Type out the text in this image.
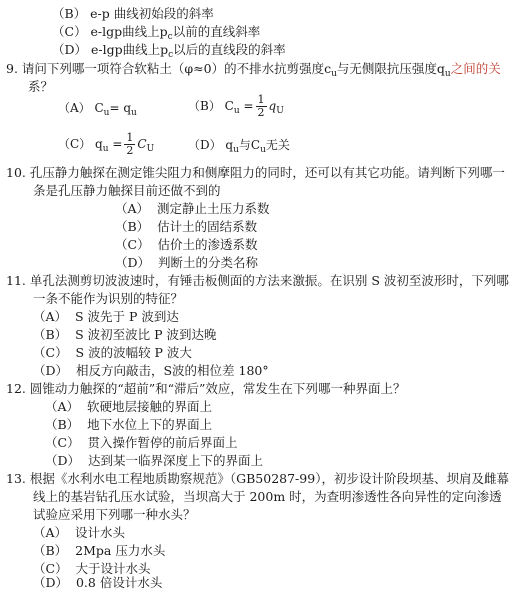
（B） e-p 曲线初始段的斜率
（C） e-lgp曲线上$p_c$以前的直线斜率
（D） e-lgp曲线上$p_c$以后的直线段的斜率
9. 请问下列哪一项符合软粘土（φ≈0）的不排水抗剪强度$c_u$与无侧限抗压强度$q_u$之间的关
系？
（A） $C_u= q_u$	（B） $C_u = \frac{1}{2} q_U$
（C） $q_u = \frac{1}{2} C_U$	（D） $q_u$与$C_u$无关
10. 孔压静力触探在测定锥尖阻力和侧摩阻力的同时，还可以有其它功能。请判断下列哪一
条是孔压静力触探目前还做不到的
（A） 测定静止土压力系数
（B） 估计土的固结系数
（C） 估价土的渗透系数
（D） 判断土的分类名称
11. 单孔法测剪切波波速时，有锤击板侧面的方法来激振。在识别 S 波初至波形时，下列哪
一条不能作为识别的特征？
（A） S 波先于 P 波到达
（B） S 波初至波比 P 波到达晚
（C） S 波的波幅较 P 波大
（D） 相反方向敲击，S波的相位差 180°
12. 圆锥动力触探的“超前”和“滞后”效应，常发生在下列哪一种界面上？
（A） 软硬地层接触的界面上
（B） 地下水位上下的界面上
（C） 贯入操作暂停的前后界面上
（D） 达到某一临界深度上下的界面上
13. 根据《水利水电工程地质勘察规范》（GB50287-99），初步设计阶段坝基、坝肩及雌幕
线上的基岩钻孔压水试验，当坝高大于 200m 时，为查明渗透性各向异性的定向渗透
试验应采用下列哪一种水头？
（A） 设计水头
（B） 2Mpa 压力水头
（C） 大于设计水头
（D） 0.8 倍设计水头
